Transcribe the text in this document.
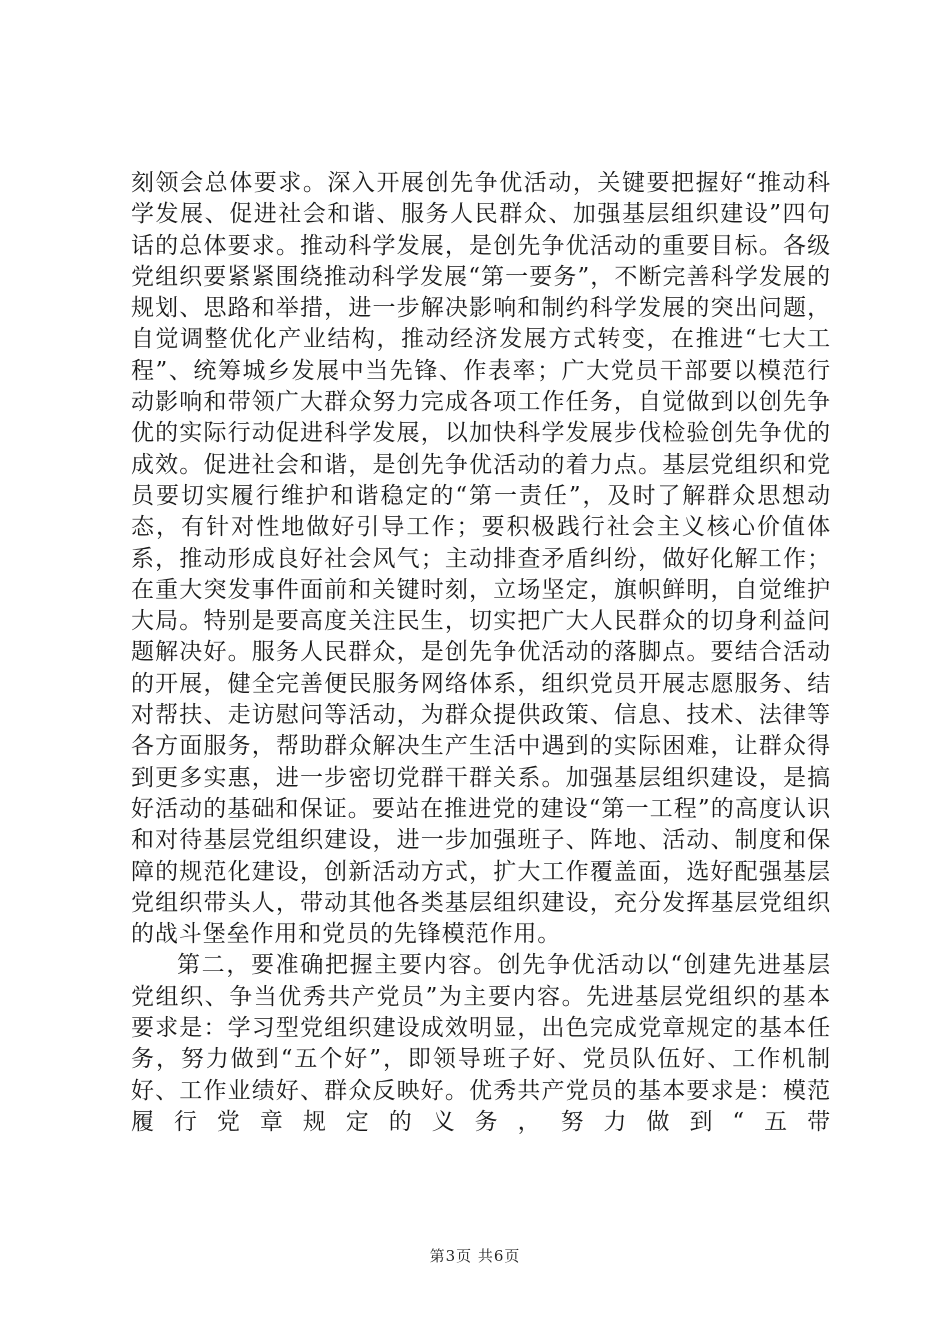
刻领会总体要求。深入开展创先争优活动，关键要把握好“推动科学发展、促进社会和谐、服务人民群众、加强基层组织建设”四句话的总体要求。推动科学发展，是创先争优活动的重要目标。各级党组织要紧紧围绕推动科学发展“第一要务”，不断完善科学发展的规划、思路和举措，进一步解决影响和制约科学发展的突出问题，自觉调整优化产业结构，推动经济发展方式转变，在推进“七大工程”、统筹城乡发展中当先锋、作表率；广大党员干部要以模范行动影响和带领广大群众努力完成各项工作任务，自觉做到以创先争优的实际行动促进科学发展，以加快科学发展步伐检验创先争优的成效。促进社会和谐，是创先争优活动的着力点。基层党组织和党员要切实履行维护和谐稳定的“第一责任”，及时了解群众思想动态，有针对性地做好引导工作；要积极践行社会主义核心价值体系，推动形成良好社会风气；主动排查矛盾纠纷，做好化解工作；在重大突发事件面前和关键时刻，立场坚定，旗帜鲜明，自觉维护大局。特别是要高度关注民生，切实把广大人民群众的切身利益问题解决好。服务人民群众，是创先争优活动的落脚点。要结合活动的开展，健全完善便民服务网络体系，组织党员开展志愿服务、结对帮扶、走访慰问等活动，为群众提供政策、信息、技术、法律等各方面服务，帮助群众解决生产生活中遇到的实际困难，让群众得到更多实惠，进一步密切党群干群关系。加强基层组织建设，是搞好活动的基础和保证。要站在推进党的建设“第一工程”的高度认识和对待基层党组织建设，进一步加强班子、阵地、活动、制度和保障的规范化建设，创新活动方式，扩大工作覆盖面，选好配强基层党组织带头人，带动其他各类基层组织建设，充分发挥基层党组织的战斗堡垒作用和党员的先锋模范作用。

第二，要准确把握主要内容。创先争优活动以“创建先进基层党组织、争当优秀共产党员”为主要内容。先进基层党组织的基本要求是：学习型党组织建设成效明显，出色完成党章规定的基本任务，努力做到“五个好”，即领导班子好、党员队伍好、工作机制好、工作业绩好、群众反映好。优秀共产党员的基本要求是：模范履行党章规定的义务，努力做到“五带

第3页 共6页
